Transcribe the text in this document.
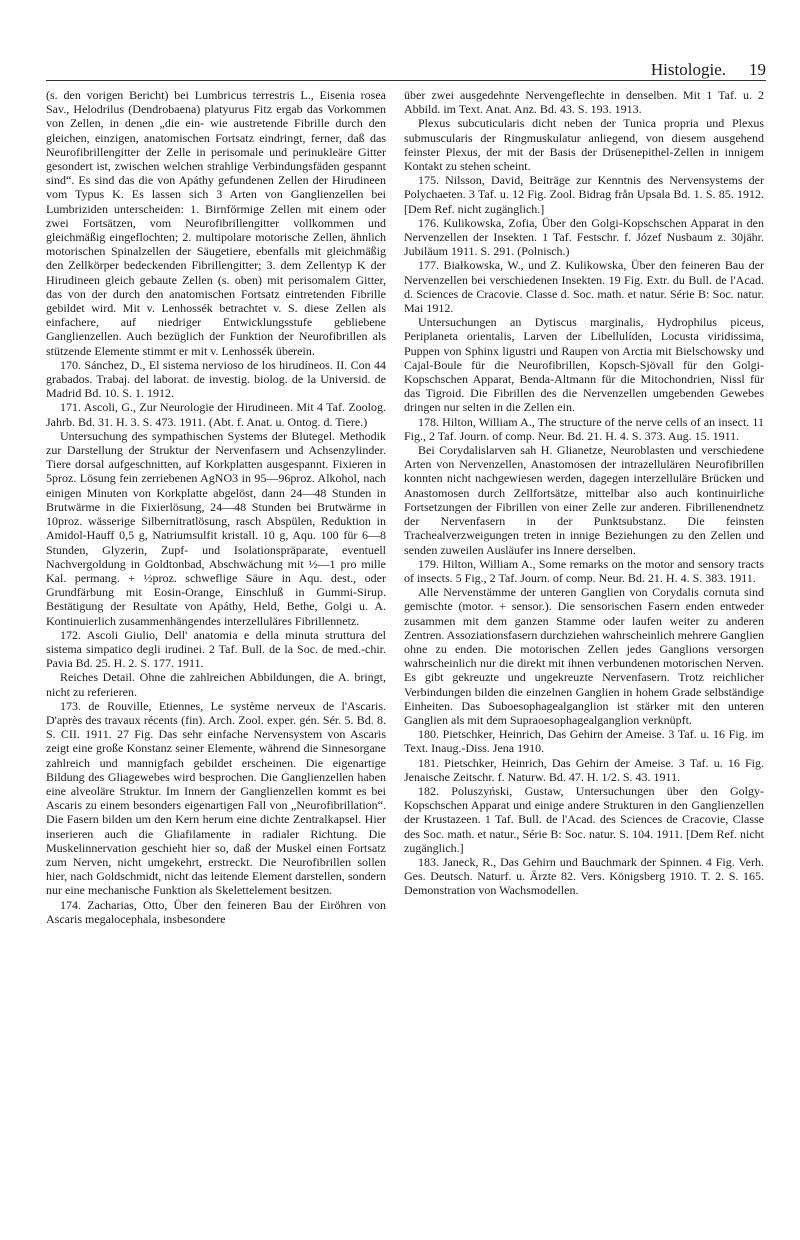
Histologie. 19

(s. den vorigen Bericht) bei Lumbricus terrestris L., Eisenia rosea Sav., Helodrilus (Dendrobaena) platyurus Fitz ergab das Vorkommen von Zellen, in denen „die ein- wie austretende Fibrille durch den gleichen, einzigen, anatomischen Fortsatz eindringt, ferner, daß das Neurofibrillengitter der Zelle in perisomale und perinukleäre Gitter gesondert ist, zwischen welchen strahlige Verbindungsfäden gespannt sind“. Es sind das die von Apáthy gefundenen Zellen der Hirudineen vom Typus K. Es lassen sich 3 Arten von Ganglienzellen bei Lumbriziden unterscheiden: 1. Birnförmige Zellen mit einem oder zwei Fortsätzen, vom Neurofibrillengitter vollkommen und gleichmäßig eingeflochten; 2. multipolare motorische Zellen, ähnlich motorischen Spinalzellen der Säugetiere, ebenfalls mit gleichmäßig den Zellkörper bedeckenden Fibrillengitter; 3. dem Zellentyp K der Hirudineen gleich gebaute Zellen (s. oben) mit perisomalem Gitter, das von der durch den anatomischen Fortsatz eintretenden Fibrille gebildet wird. Mit v. Lenhossék betrachtet v. S. diese Zellen als einfachere, auf niedriger Entwicklungsstufe gebliebene Ganglienzellen. Auch bezüglich der Funktion der Neurofibrillen als stützende Elemente stimmt er mit v. Lenhossék überein.

170. Sánchez, D., El sistema nervioso de los hirudíneos. II. Con 44 grabados. Trabaj. del laborat. de investig. biolog. de la Universid. de Madrid Bd. 10. S. 1. 1912.

171. Ascoli, G., Zur Neurologie der Hirudineen. Mit 4 Taf. Zoolog. Jahrb. Bd. 31. H. 3. S. 473. 1911. (Abt. f. Anat. u. Ontog. d. Tiere.)

Untersuchung des sympathischen Systems der Blutegel. Methodik zur Darstellung der Struktur der Nervenfasern und Achsenzylinder. Tiere dorsal aufgeschnitten, auf Korkplatten ausgespannt. Fixieren in 5proz. Lösung fein zerriebenen AgNO3 in 95—96proz. Alkohol, nach einigen Minuten von Korkplatte abgelöst, dann 24—48 Stunden in Brutwärme in die Fixierlösung, 24—48 Stunden bei Brutwärme in 10proz. wässerige Silbernitratlösung, rasch Abspülen, Reduktion in Amidol-Hauff 0,5 g, Natriumsulfit kristall. 10 g, Aqu. 100 für 6—8 Stunden, Glyzerin, Zupf- und Isolationspräparate, eventuell Nachvergoldung in Goldtonbad, Abschwächung mit ½—1 pro mille Kal. permang. + ½proz. schweflige Säure in Aqu. dest., oder Grundfärbung mit Eosin-Orange, Einschluß in Gummi-Sirup. Bestätigung der Resultate von Apáthy, Held, Bethe, Golgi u. A. Kontinuierlich zusammenhängendes interzelluläres Fibrillennetz.

172. Ascoli Giulio, Dell' anatomia e della minuta struttura del sistema simpatico degli irudinei. 2 Taf. Bull. de la Soc. de med.-chir. Pavia Bd. 25. H. 2. S. 177. 1911.

Reiches Detail. Ohne die zahlreichen Abbildungen, die A. bringt, nicht zu referieren.

173. de Rouville, Etiennes, Le système nerveux de l'Ascaris. D'après des travaux récents (fin). Arch. Zool. exper. gén. Sér. 5. Bd. 8. S. CII. 1911. 27 Fig. Das sehr einfache Nervensystem von Ascaris zeigt eine große Konstanz seiner Elemente, während die Sinnesorgane zahlreich und mannigfach gebildet erscheinen. Die eigenartige Bildung des Gliagewebes wird besprochen. Die Ganglienzellen haben eine alveoläre Struktur. Im Innern der Ganglienzellen kommt es bei Ascaris zu einem besonders eigenartigen Fall von „Neurofibrillation“. Die Fasern bilden um den Kern herum eine dichte Zentralkapsel. Hier inserieren auch die Gliafilamente in radialer Richtung. Die Muskelinnervation geschieht hier so, daß der Muskel einen Fortsatz zum Nerven, nicht umgekehrt, erstreckt. Die Neurofibrillen sollen hier, nach Goldschmidt, nicht das leitende Element darstellen, sondern nur eine mechanische Funktion als Skelettelement besitzen.

174. Zacharias, Otto, Über den feineren Bau der Eiröhren von Ascaris megalocephala, insbesondere

über zwei ausgedehnte Nervengeflechte in denselben. Mit 1 Taf. u. 2 Abbild. im Text. Anat. Anz. Bd. 43. S. 193. 1913.

Plexus subcuticularis dicht neben der Tunica propria und Plexus submuscularis der Ringmuskulatur anliegend, von diesem ausgehend feinster Plexus, der mit der Basis der Drüsenepithel-Zellen in innigem Kontakt zu stehen scheint.

175. Nilsson, David, Beiträge zur Kenntnis des Nervensystems der Polychaeten. 3 Taf. u. 12 Fig. Zool. Bidrag från Upsala Bd. 1. S. 85. 1912. [Dem Ref. nicht zugänglich.]

176. Kulikowska, Zofia, Über den Golgi-Kopschschen Apparat in den Nervenzellen der Insekten. 1 Taf. Festschr. f. Józef Nusbaum z. 30jähr. Jubiläum 1911. S. 291. (Polnisch.)

177. Białkowska, W., und Z. Kulikowska, Über den feineren Bau der Nervenzellen bei verschiedenen Insekten. 19 Fig. Extr. du Bull. de l'Acad. d. Sciences de Cracovie. Classe d. Soc. math. et natur. Série B: Soc. natur. Mai 1912.

Untersuchungen an Dytiscus marginalis, Hydrophilus piceus, Periplaneta orientalis, Larven der Libellulíden, Locusta viridissima, Puppen von Sphinx ligustri und Raupen von Arctia mit Bielschowsky und Cajal-Boule für die Neurofibrillen, Kopsch-Sjövall für den Golgi-Kopschschen Apparat, Benda-Altmann für die Mitochondrien, Nissl für das Tigroid. Die Fibrillen des die Nervenzellen umgebenden Gewebes dringen nur selten in die Zellen ein.

178. Hilton, William A., The structure of the nerve cells of an insect. 11 Fig., 2 Taf. Journ. of comp. Neur. Bd. 21. H. 4. S. 373. Aug. 15. 1911.

Bei Corydalislarven sah H. Glianetze, Neuroblasten und verschiedene Arten von Nervenzellen, Anastomosen der intrazellulären Neurofibrillen konnten nicht nachgewiesen werden, dagegen interzelluläre Brücken und Anastomosen durch Zellfortsätze, mittelbar also auch kontinuirliche Fortsetzungen der Fibrillen von einer Zelle zur anderen. Fibrillenendnetz der Nervenfasern in der Punktsubstanz. Die feinsten Trachealverzweigungen treten in innige Beziehungen zu den Zellen und senden zuweilen Ausläufer ins Innere derselben.

179. Hilton, William A., Some remarks on the motor and sensory tracts of insects. 5 Fig., 2 Taf. Journ. of comp. Neur. Bd. 21. H. 4. S. 383. 1911.

Alle Nervenstämme der unteren Ganglien von Corydalis cornuta sind gemischte (motor. + sensor.). Die sensorischen Fasern enden entweder zusammen mit dem ganzen Stamme oder laufen weiter zu anderen Zentren. Assoziationsfasern durchziehen wahrscheinlich mehrere Ganglien ohne zu enden. Die motorischen Zellen jedes Ganglions versorgen wahrscheinlich nur die direkt mit ihnen verbundenen motorischen Nerven. Es gibt gekreuzte und ungekreuzte Nervenfasern. Trotz reichlicher Verbindungen bilden die einzelnen Ganglien in hohem Grade selbständige Einheiten. Das Suboesophagealganglion ist stärker mit den unteren Ganglien als mit dem Supraoesophagealganglion verknüpft.

180. Pietschker, Heinrich, Das Gehirn der Ameise. 3 Taf. u. 16 Fig. im Text. Inaug.-Diss. Jena 1910.

181. Pietschker, Heinrich, Das Gehirn der Ameise. 3 Taf. u. 16 Fig. Jenaische Zeitschr. f. Naturw. Bd. 47. H. 1/2. S. 43. 1911.

182. Poluszyński, Gustaw, Untersuchungen über den Golgy-Kopschschen Apparat und einige andere Strukturen in den Ganglienzellen der Krustazeen. 1 Taf. Bull. de l'Acad. des Sciences de Cracovie, Classe des Soc. math. et natur., Série B: Soc. natur. S. 104. 1911. [Dem Ref. nicht zugänglich.]

183. Janeck, R., Das Gehirn und Bauchmark der Spinnen. 4 Fig. Verh. Ges. Deutsch. Naturf. u. Ärzte 82. Vers. Königsberg 1910. T. 2. S. 165. Demonstration von Wachsmodellen.
